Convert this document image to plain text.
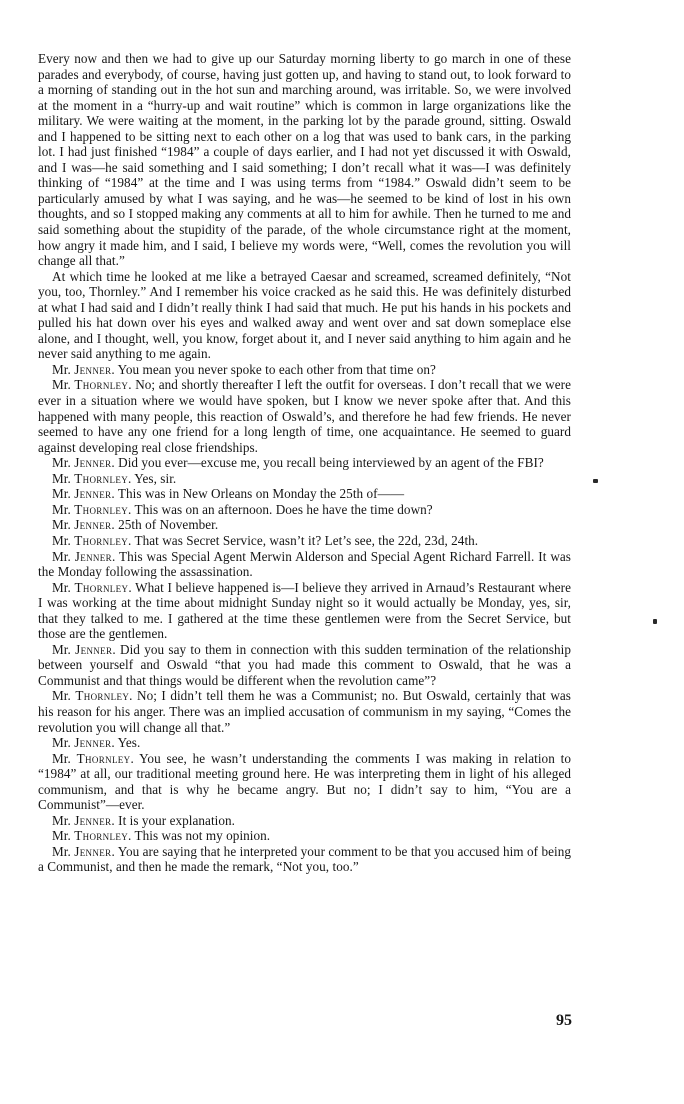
Every now and then we had to give up our Saturday morning liberty to go march in one of these parades and everybody, of course, having just gotten up, and having to stand out, to look forward to a morning of standing out in the hot sun and marching around, was irritable. So, we were involved at the moment in a “hurry-up and wait routine” which is common in large organizations like the military. We were waiting at the moment, in the parking lot by the parade ground, sitting. Oswald and I happened to be sitting next to each other on a log that was used to bank cars, in the parking lot. I had just finished “1984” a couple of days earlier, and I had not yet discussed it with Oswald, and I was—he said something and I said something; I don’t recall what it was—I was definitely thinking of “1984” at the time and I was using terms from “1984.” Oswald didn’t seem to be particularly amused by what I was saying, and he was—he seemed to be kind of lost in his own thoughts, and so I stopped making any comments at all to him for awhile. Then he turned to me and said something about the stupidity of the parade, of the whole circumstance right at the moment, how angry it made him, and I said, I believe my words were, “Well, comes the revolution you will change all that.”

At which time he looked at me like a betrayed Caesar and screamed, screamed definitely, “Not you, too, Thornley.” And I remember his voice cracked as he said this. He was definitely disturbed at what I had said and I didn’t really think I had said that much. He put his hands in his pockets and pulled his hat down over his eyes and walked away and went over and sat down someplace else alone, and I thought, well, you know, forget about it, and I never said anything to him again and he never said anything to me again.

Mr. Jenner. You mean you never spoke to each other from that time on?

Mr. Thornley. No; and shortly thereafter I left the outfit for overseas. I don’t recall that we were ever in a situation where we would have spoken, but I know we never spoke after that. And this happened with many people, this reaction of Oswald’s, and therefore he had few friends. He never seemed to have any one friend for a long length of time, one acquaintance. He seemed to guard against developing real close friendships.

Mr. Jenner. Did you ever—excuse me, you recall being interviewed by an agent of the FBI?

Mr. Thornley. Yes, sir.

Mr. Jenner. This was in New Orleans on Monday the 25th of——

Mr. Thornley. This was on an afternoon. Does he have the time down?

Mr. Jenner. 25th of November.

Mr. Thornley. That was Secret Service, wasn’t it? Let’s see, the 22d, 23d, 24th.

Mr. Jenner. This was Special Agent Merwin Alderson and Special Agent Richard Farrell. It was the Monday following the assassination.

Mr. Thornley. What I believe happened is—I believe they arrived in Arnaud’s Restaurant where I was working at the time about midnight Sunday night so it would actually be Monday, yes, sir, that they talked to me. I gathered at the time these gentlemen were from the Secret Service, but those are the gentlemen.

Mr. Jenner. Did you say to them in connection with this sudden termination of the relationship between yourself and Oswald “that you had made this comment to Oswald, that he was a Communist and that things would be different when the revolution came”?

Mr. Thornley. No; I didn’t tell them he was a Communist; no. But Oswald, certainly that was his reason for his anger. There was an implied accusation of communism in my saying, “Comes the revolution you will change all that.”

Mr. Jenner. Yes.

Mr. Thornley. You see, he wasn’t understanding the comments I was making in relation to “1984” at all, our traditional meeting ground here. He was interpreting them in light of his alleged communism, and that is why he became angry. But no; I didn’t say to him, “You are a Communist”—ever.

Mr. Jenner. It is your explanation.

Mr. Thornley. This was not my opinion.

Mr. Jenner. You are saying that he interpreted your comment to be that you accused him of being a Communist, and then he made the remark, “Not you, too.”

95
